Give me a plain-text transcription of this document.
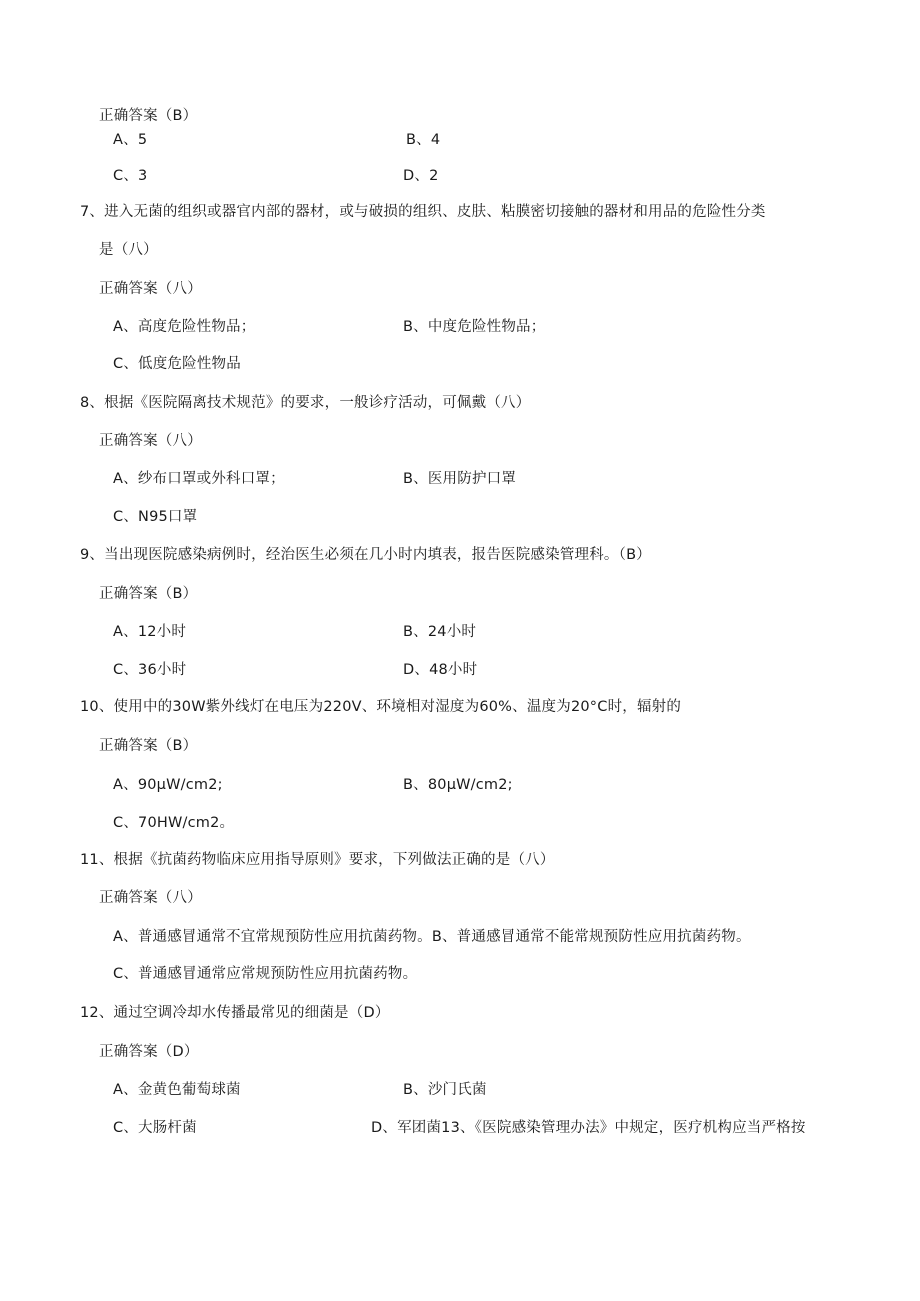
正确答案（B）
A、5	B、4
C、3	D、2
7、进入无菌的组织或器官内部的器材，或与破损的组织、皮肤、粘膜密切接触的器材和用品的危险性分类
是（八）
正确答案（八）
A、高度危险性物品；	B、中度危险性物品；
C、低度危险性物品
8、根据《医院隔离技术规范》的要求，一般诊疗活动，可佩戴（八）
正确答案（八）
A、纱布口罩或外科口罩；	B、医用防护口罩
C、N95口罩
9、当出现医院感染病例时，经治医生必须在几小时内填表，报告医院感染管理科。（B）
正确答案（B）
A、12小时	B、24小时
C、36小时	D、48小时
10、使用中的30W紫外线灯在电压为220V、环境相对湿度为60%、温度为20°C时，辐射的
正确答案（B）
A、90μW/cm2;	B、80μW/cm2;
C、70HW/cm2。
11、根据《抗菌药物临床应用指导原则》要求，下列做法正确的是（八）
正确答案（八）
A、普通感冒通常不宜常规预防性应用抗菌药物。B、普通感冒通常不能常规预防性应用抗菌药物。
C、普通感冒通常应常规预防性应用抗菌药物。
12、通过空调冷却水传播最常见的细菌是（D）
正确答案（D）
A、金黄色葡萄球菌	B、沙门氏菌
C、大肠杆菌	D、军团菌13、《医院感染管理办法》中规定，医疗机构应当严格按
